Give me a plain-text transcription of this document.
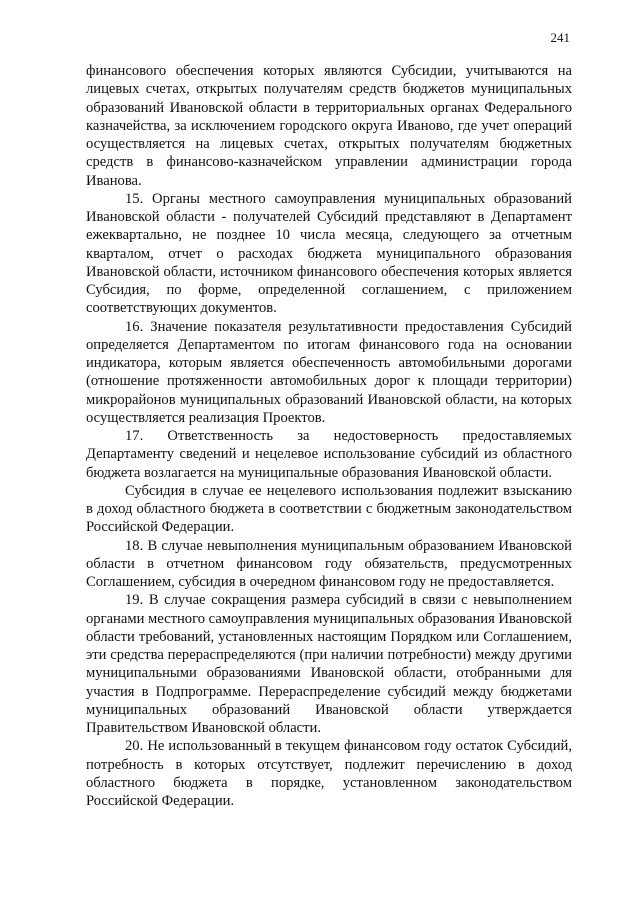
241

финансового обеспечения которых являются Субсидии, учитываются на лицевых счетах, открытых получателям средств бюджетов муниципальных образований Ивановской области в территориальных органах Федерального казначейства, за исключением городского округа Иваново, где учет операций осуществляется на лицевых счетах, открытых получателям бюджетных средств в финансово-казначейском управлении администрации города Иванова.

15. Органы местного самоуправления муниципальных образований Ивановской области - получателей Субсидий представляют в Департамент ежеквартально, не позднее 10 числа месяца, следующего за отчетным кварталом, отчет о расходах бюджета муниципального образования Ивановской области, источником финансового обеспечения которых является Субсидия, по форме, определенной соглашением, с приложением соответствующих документов.

16. Значение показателя результативности предоставления Субсидий определяется Департаментом по итогам финансового года на основании индикатора, которым является обеспеченность автомобильными дорогами (отношение протяженности автомобильных дорог к площади территории) микрорайонов муниципальных образований Ивановской области, на которых осуществляется реализация Проектов.

17. Ответственность за недостоверность предоставляемых Департаменту сведений и нецелевое использование субсидий из областного бюджета возлагается на муниципальные образования Ивановской области.

Субсидия в случае ее нецелевого использования подлежит взысканию в доход областного бюджета в соответствии с бюджетным законодательством Российской Федерации.

18. В случае невыполнения муниципальным образованием Ивановской области в отчетном финансовом году обязательств, предусмотренных Соглашением, субсидия в очередном финансовом году не предоставляется.

19. В случае сокращения размера субсидий в связи с невыполнением органами местного самоуправления муниципальных образования Ивановской области требований, установленных настоящим Порядком или Соглашением, эти средства перераспределяются (при наличии потребности) между другими муниципальными образованиями Ивановской области, отобранными для участия в Подпрограмме. Перераспределение субсидий между бюджетами муниципальных образований Ивановской области утверждается Правительством Ивановской области.

20. Не использованный в текущем финансовом году остаток Субсидий, потребность в которых отсутствует, подлежит перечислению в доход областного бюджета в порядке, установленном законодательством Российской Федерации.
